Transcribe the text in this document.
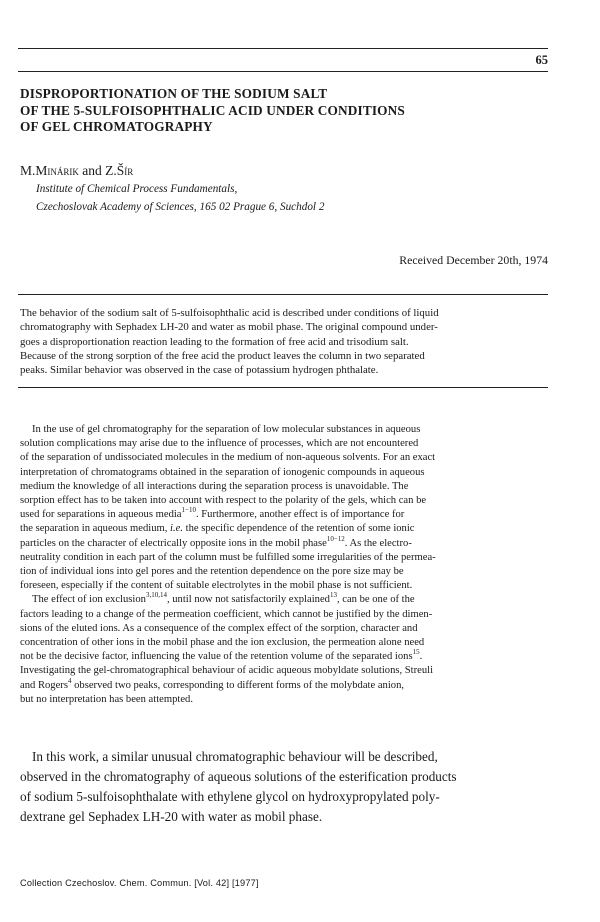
65
DISPROPORTIONATION OF THE SODIUM SALT
OF THE 5-SULFOISOPHTHALIC ACID UNDER CONDITIONS
OF GEL CHROMATOGRAPHY
M.Minárik and Z.Šír
Institute of Chemical Process Fundamentals,
Czechoslovak Academy of Sciences, 165 02 Prague 6, Suchdol 2
Received December 20th, 1974
The behavior of the sodium salt of 5-sulfoisophthalic acid is described under conditions of liquid
chromatography with Sephadex LH-20 and water as mobil phase. The original compound under-
goes a disproportionation reaction leading to the formation of free acid and trisodium salt.
Because of the strong sorption of the free acid the product leaves the column in two separated
peaks. Similar behavior was observed in the case of potassium hydrogen phthalate.
In the use of gel chromatography for the separation of low molecular substances in aqueous
solution complications may arise due to the influence of processes, which are not encountered
of the separation of undissociated molecules in the medium of non-aqueous solvents. For an exact
interpretation of chromatograms obtained in the separation of ionogenic compounds in aqueous
medium the knowledge of all interactions during the separation process is unavoidable. The
sorption effect has to be taken into account with respect to the polarity of the gels, which can be
used for separations in aqueous media$^{1-10}$. Furthermore, another effect is of importance for
the separation in aqueous medium, i.e. the specific dependence of the retention of some ionic
particles on the character of electrically opposite ions in the mobil phase$^{10-12}$. As the electro-
neutrality condition in each part of the column must be fulfilled some irregularities of the permea-
tion of individual ions into gel pores and the retention dependence on the pore size may be
foreseen, especially if the content of suitable electrolytes in the mobil phase is not sufficient.
The effect of ion exclusion$^{3,10,14}$, until now not satisfactorily explained$^{13}$, can be one of the
factors leading to a change of the permeation coefficient, which cannot be justified by the dimen-
sions of the eluted ions. As a consequence of the complex effect of the sorption, character and
concentration of other ions in the mobil phase and the ion exclusion, the permeation alone need
not be the decisive factor, influencing the value of the retention volume of the separated ions$^{15}$.
Investigating the gel-chromatographical behaviour of acidic aqueous mobyldate solutions, Streuli
and Rogers$^4$ observed two peaks, corresponding to different forms of the molybdate anion,
but no interpretation has been attempted.
In this work, a similar unusual chromatographic behaviour will be described,
observed in the chromatography of aqueous solutions of the esterification products
of sodium 5-sulfoisophthalate with ethylene glycol on hydroxypropylated poly-
dextrane gel Sephadex LH-20 with water as mobil phase.
Collection Czechoslov. Chem. Commun. [Vol. 42] [1977]
